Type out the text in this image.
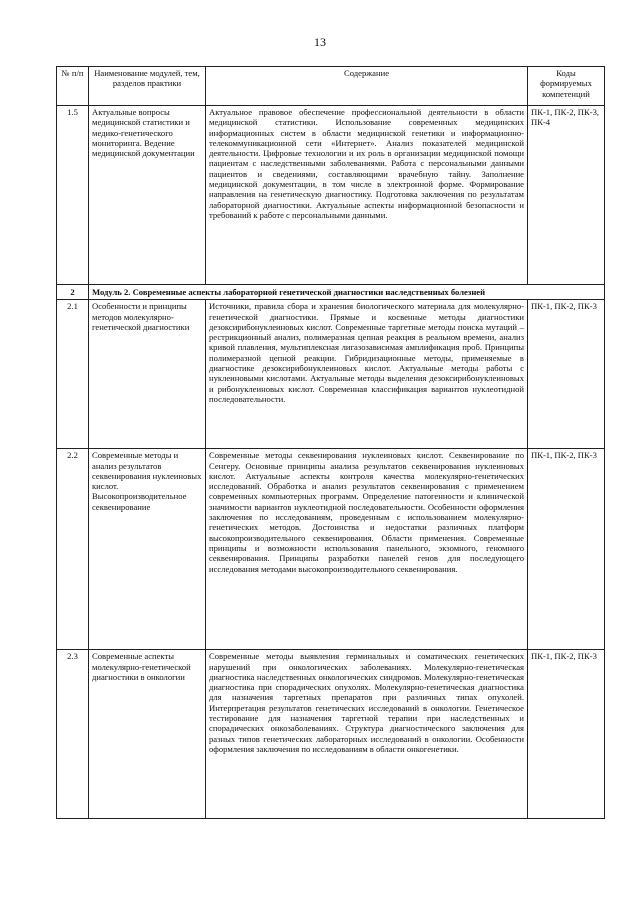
13
№ п/п	Наименование модулей, тем, разделов практики	Содержание	Коды формируемых компетенций
1.5	Актуальные вопросы медицинской статистики и медико-генетического мониторинга. Ведение медицинской документации	Актуальное правовое обеспечение профессиональной деятельности в области медицинской статистики. Использование современных медицинских информационных систем в области медицинской генетики и информационно-телекоммуникационной сети «Интернет». Анализ показателей медицинской деятельности. Цифровые технологии и их роль в организации медицинской помощи пациентам с наследственными заболеваниями. Работа с персональными данными пациентов и сведениями, составляющими врачебную тайну. Заполнение медицинской документации, в том числе в электронной форме. Формирование направления на генетическую диагностику. Подготовка заключения по результатам лабораторной диагностики. Актуальные аспекты информационной безопасности и требований к работе с персональными данными.	ПК-1, ПК-2, ПК-3, ПК-4
2	Модуль 2. Современные аспекты лабораторной генетической диагностики наследственных болезней		
2.1	Особенности и принципы методов молекулярно-генетической диагностики	Источники, правила сбора и хранения биологического материала для молекулярно-генетической диагностики. Прямые и косвенные методы диагностики дезоксирибонуклеиновых кислот. Современные таргетные методы поиска мутаций – рестрикционный анализ, полимеразная цепная реакция в реальном времени, анализ кривой плавления, мультиплексная лигазозависимая амплификация проб. Принципы полимеразной цепной реакции. Гибридизационные методы, применяемые в диагностике дезоксирибонуклеиновых кислот. Актуальные методы работы с нуклеиновыми кислотами. Актуальные методы выделения дезоксирибонуклеиновых и рибонуклеиновых кислот. Современная классификация вариантов нуклеотидной последовательности.	ПК-1, ПК-2, ПК-3
2.2	Современные методы и анализ результатов секвенирования нуклеиновых кислот. Высокопроизводительное секвенирование	Современные методы секвенирования нуклеиновых кислот. Секвенирование по Сенгеру. Основные принципы анализа результатов секвенирования нуклеиновых кислот. Актуальные аспекты контроля качества молекулярно-генетических исследований. Обработка и анализ результатов секвенирования с применением современных компьютерных программ. Определение патогенности и клинической значимости вариантов нуклеотидной последовательности. Особенности оформления заключения по исследованиям, проведенным с использованием молекулярно-генетических методов. Достоинства и недостатки различных платформ высокопроизводительного секвенирования. Области применения. Современные принципы и возможности использования панельного, экзомного, геномного секвенирования. Принципы разработки панелей генов для последующего исследования методами высокопроизводительного секвенирования.	ПК-1, ПК-2, ПК-3
2.3	Современные аспекты молекулярно-генетической диагностики в онкологии	Современные методы выявления герминальных и соматических генетических нарушений при онкологических заболеваниях. Молекулярно-генетическая диагностика наследственных онкологических синдромов. Молекулярно-генетическая диагностика при спорадических опухолях. Молекулярно-генетическая диагностика для назначения таргетных препаратов при различных типах опухолей. Интерпретация результатов генетических исследований в онкологии. Генетическое тестирование для назначения таргетной терапии при наследственных и спорадических онкозаболеваниях. Структура диагностического заключения для разных типов генетических лабораторных исследований в онкологии. Особенности оформления заключения по исследованиям в области онкогенетики.	ПК-1, ПК-2, ПК-3
